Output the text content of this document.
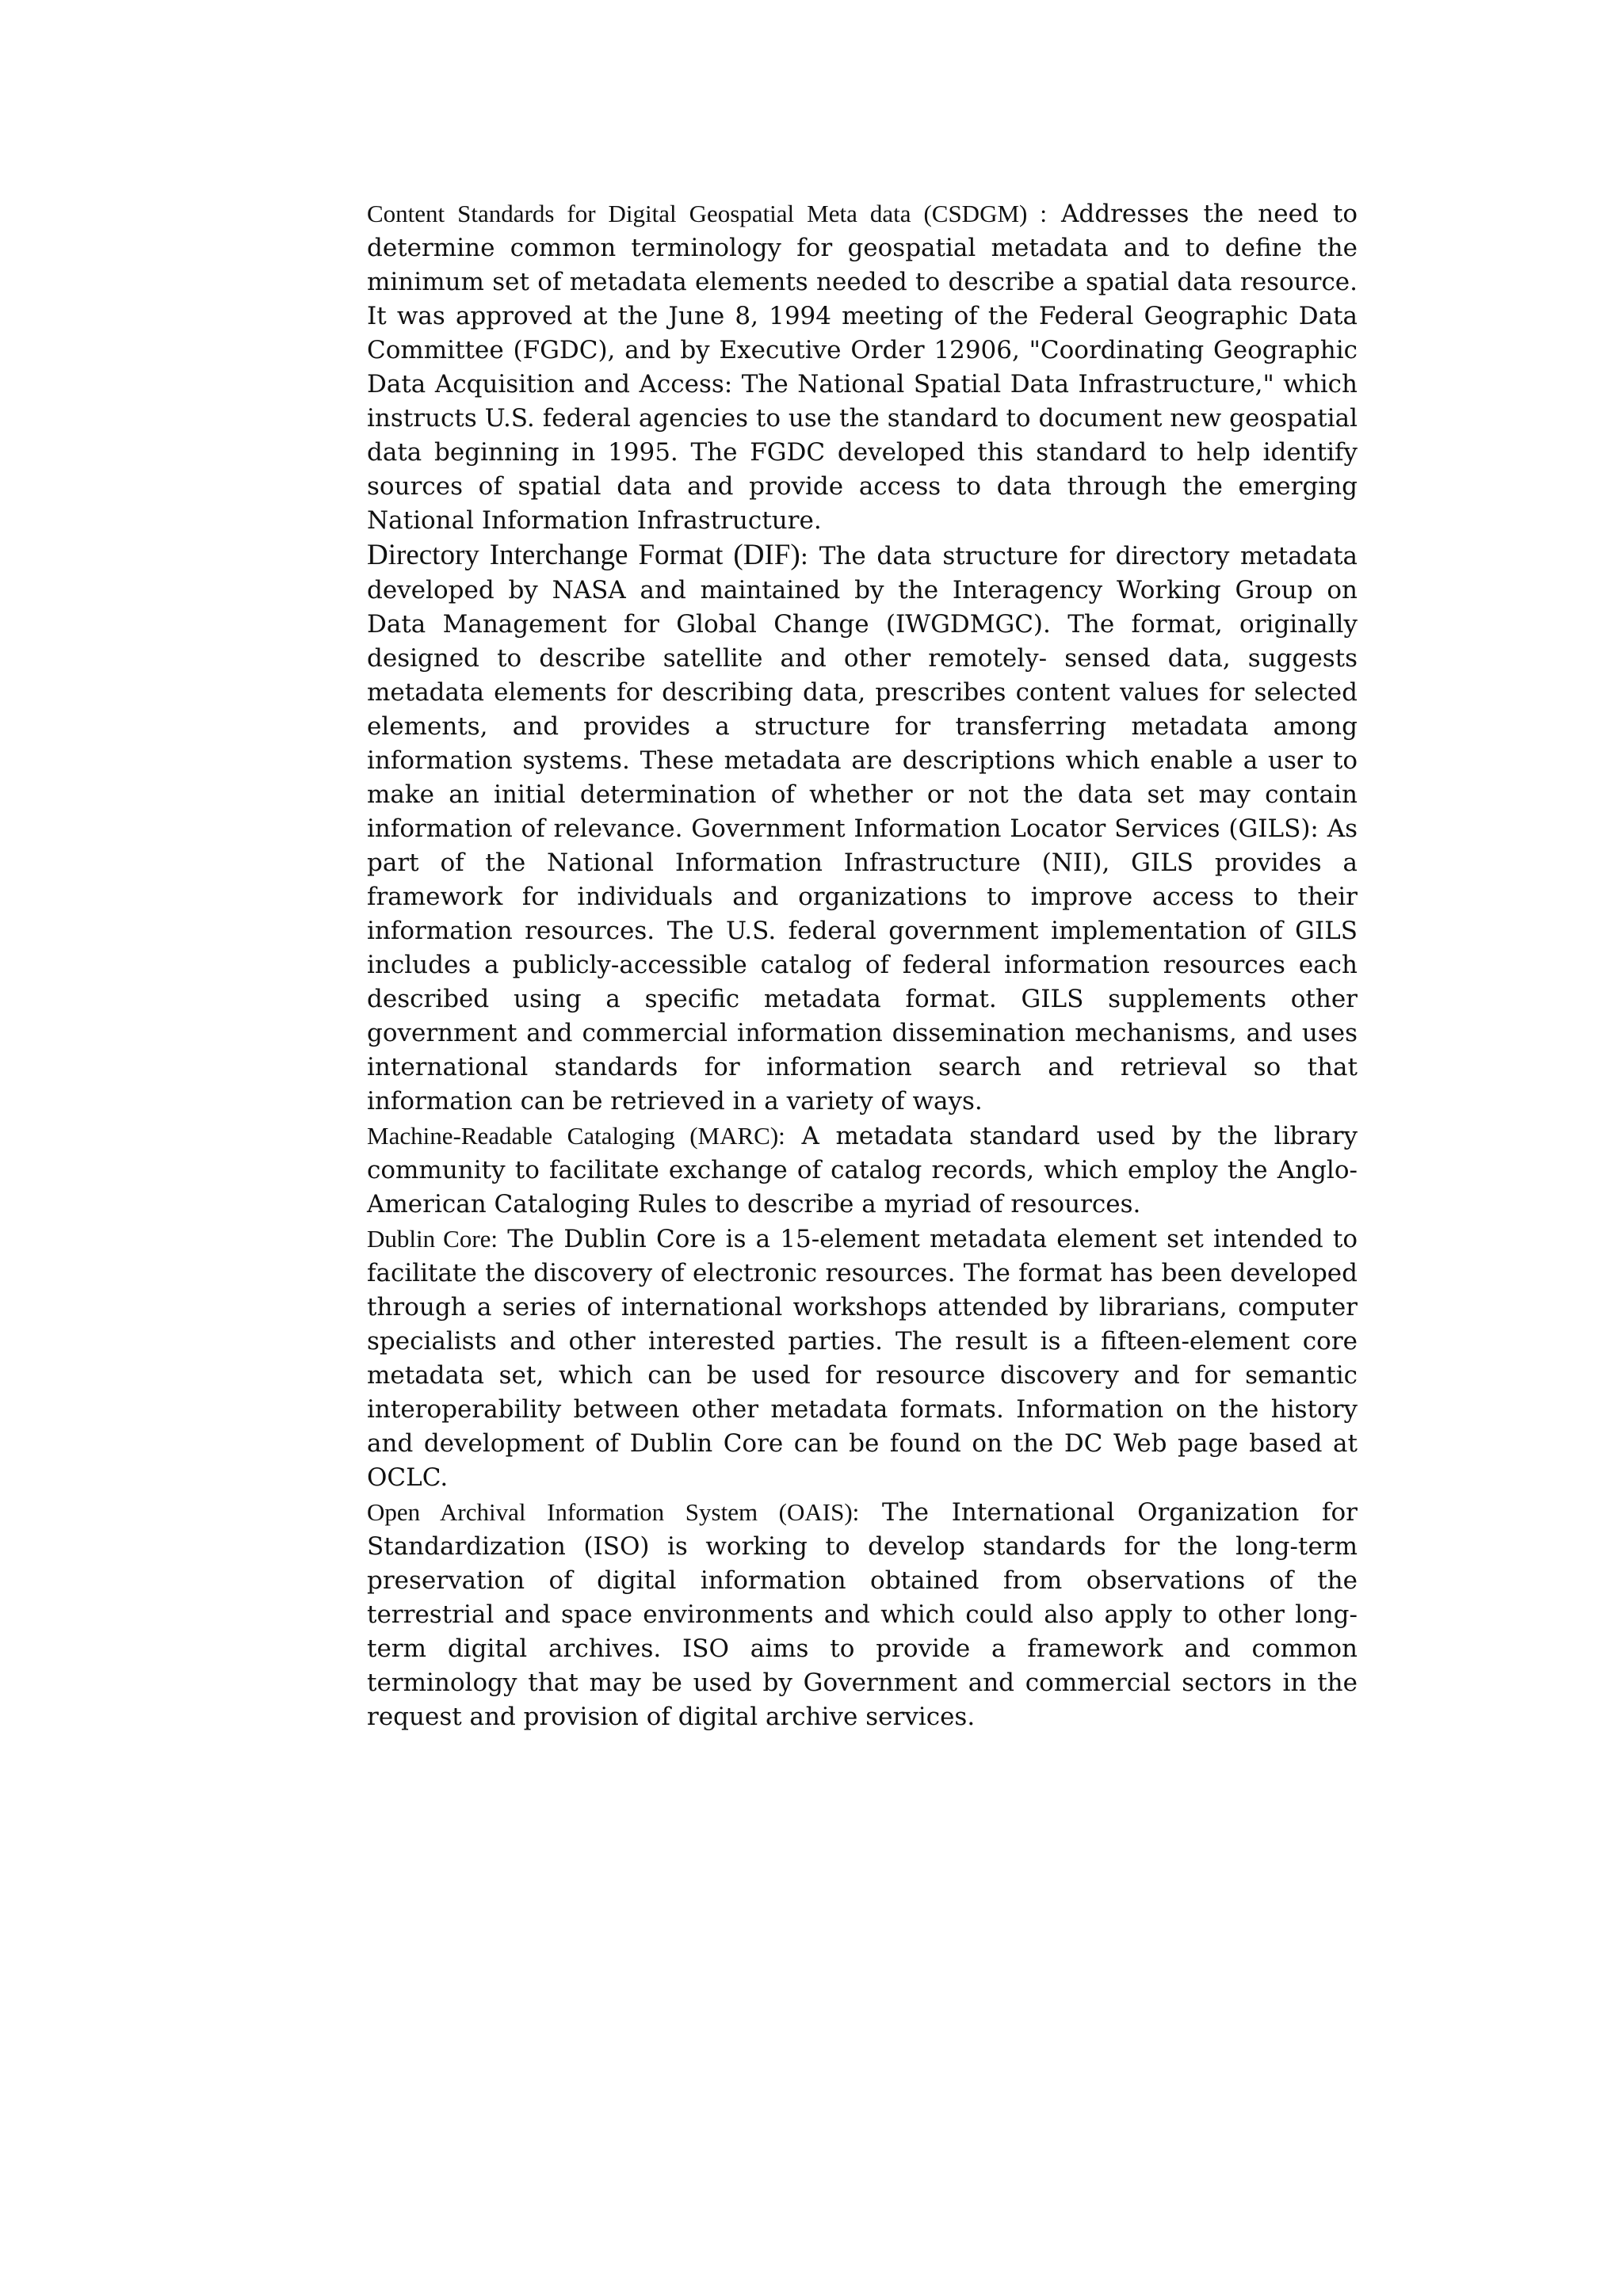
Content Standards for Digital Geospatial Meta data (CSDGM) : Addresses the need to determine common terminology for geospatial metadata and to define the minimum set of metadata elements needed to describe a spatial data resource. It was approved at the June 8, 1994 meeting of the Federal Geographic Data Committee (FGDC), and by Executive Order 12906, "Coordinating Geographic Data Acquisition and Access: The National Spatial Data Infrastructure," which instructs U.S. federal agencies to use the standard to document new geospatial data beginning in 1995. The FGDC developed this standard to help identify sources of spatial data and provide access to data through the emerging National Information Infrastructure.

Directory Interchange Format (DIF): The data structure for directory metadata developed by NASA and maintained by the Interagency Working Group on Data Management for Global Change (IWGDMGC). The format, originally designed to describe satellite and other remotely- sensed data, suggests metadata elements for describing data, prescribes content values for selected elements, and provides a structure for transferring metadata among information systems. These metadata are descriptions which enable a user to make an initial determination of whether or not the data set may contain information of relevance. Government Information Locator Services (GILS): As part of the National Information Infrastructure (NII), GILS provides a framework for individuals and organizations to improve access to their information resources. The U.S. federal government implementation of GILS includes a publicly-accessible catalog of federal information resources each described using a specific metadata format. GILS supplements other government and commercial information dissemination mechanisms, and uses international standards for information search and retrieval so that information can be retrieved in a variety of ways.

Machine-Readable Cataloging (MARC): A metadata standard used by the library community to facilitate exchange of catalog records, which employ the Anglo-American Cataloging Rules to describe a myriad of resources.

Dublin Core: The Dublin Core is a 15-element metadata element set intended to facilitate the discovery of electronic resources. The format has been developed through a series of international workshops attended by librarians, computer specialists and other interested parties. The result is a fifteen-element core metadata set, which can be used for resource discovery and for semantic interoperability between other metadata formats. Information on the history and development of Dublin Core can be found on the DC Web page based at OCLC.

Open Archival Information System (OAIS): The International Organization for Standardization (ISO) is working to develop standards for the long-term preservation of digital information obtained from observations of the terrestrial and space environments and which could also apply to other long-term digital archives. ISO aims to provide a framework and common terminology that may be used by Government and commercial sectors in the request and provision of digital archive services.
